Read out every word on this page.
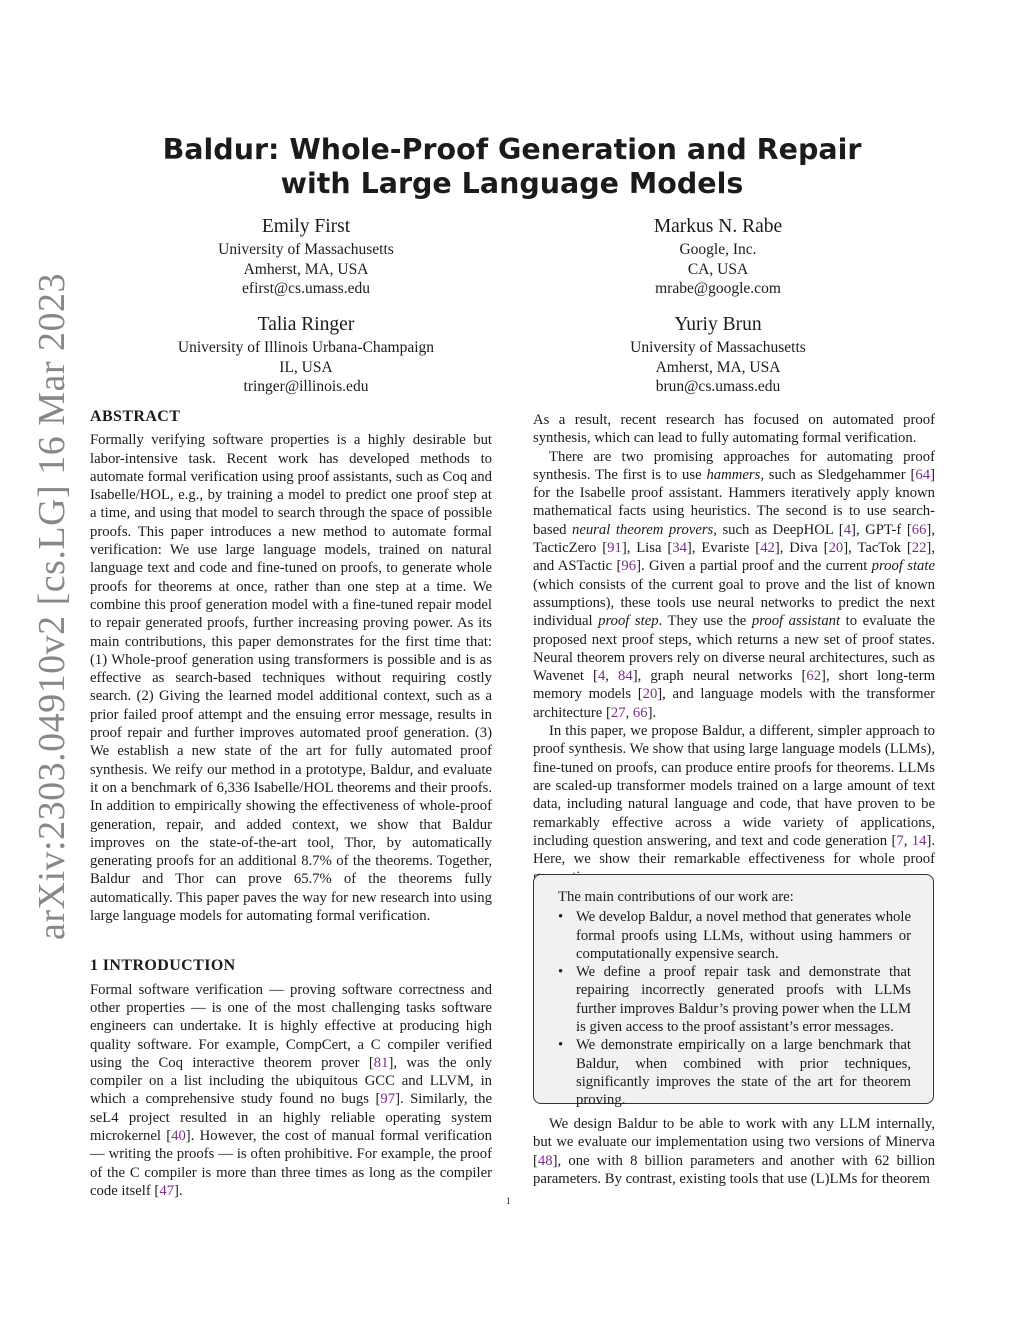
arXiv:2303.04910v2 [cs.LG] 16 Mar 2023
Baldur: Whole-Proof Generation and Repair
with Large Language Models
Emily First
University of Massachusetts
Amherst, MA, USA
efirst@cs.umass.edu
Markus N. Rabe
Google, Inc.
CA, USA
mrabe@google.com
Talia Ringer
University of Illinois Urbana-Champaign
IL, USA
tringer@illinois.edu
Yuriy Brun
University of Massachusetts
Amherst, MA, USA
brun@cs.umass.edu
ABSTRACT

Formally verifying software properties is a highly desirable but labor-intensive task. Recent work has developed methods to automate formal verification using proof assistants, such as Coq and Isabelle/HOL, e.g., by training a model to predict one proof step at a time, and using that model to search through the space of possible proofs. This paper introduces a new method to automate formal verification: We use large language models, trained on natural language text and code and fine-tuned on proofs, to generate whole proofs for theorems at once, rather than one step at a time. We combine this proof generation model with a fine-tuned repair model to repair generated proofs, further increasing proving power. As its main contributions, this paper demonstrates for the first time that: (1) Whole-proof generation using transformers is possible and is as effective as search-based techniques without requiring costly search. (2) Giving the learned model additional context, such as a prior failed proof attempt and the ensuing error message, results in proof repair and further improves automated proof generation. (3) We establish a new state of the art for fully automated proof synthesis. We reify our method in a prototype, Baldur, and evaluate it on a benchmark of 6,336 Isabelle/HOL theorems and their proofs. In addition to empirically showing the effectiveness of whole-proof generation, repair, and added context, we show that Baldur improves on the state-of-the-art tool, Thor, by automatically generating proofs for an additional 8.7% of the theorems. Together, Baldur and Thor can prove 65.7% of the theorems fully automatically. This paper paves the way for new research into using large language models for automating formal verification.

1 INTRODUCTION

Formal software verification — proving software correctness and other properties — is one of the most challenging tasks software engineers can undertake. It is highly effective at producing high quality software. For example, CompCert, a C compiler verified using the Coq interactive theorem prover [81], was the only compiler on a list including the ubiquitous GCC and LLVM, in which a comprehensive study found no bugs [97]. Similarly, the seL4 project resulted in an highly reliable operating system microkernel [40]. However, the cost of manual formal verification — writing the proofs — is often prohibitive. For example, the proof of the C compiler is more than three times as long as the compiler code itself [47].

As a result, recent research has focused on automated proof synthesis, which can lead to fully automating formal verification.

There are two promising approaches for automating proof synthesis. The first is to use hammers, such as Sledgehammer [64] for the Isabelle proof assistant. Hammers iteratively apply known mathematical facts using heuristics. The second is to use search-based neural theorem provers, such as DeepHOL [4], GPT-f [66], TacticZero [91], Lisa [34], Evariste [42], Diva [20], TacTok [22], and ASTactic [96]. Given a partial proof and the current proof state (which consists of the current goal to prove and the list of known assumptions), these tools use neural networks to predict the next individual proof step. They use the proof assistant to evaluate the proposed next proof steps, which returns a new set of proof states. Neural theorem provers rely on diverse neural architectures, such as Wavenet [4, 84], graph neural networks [62], short long-term memory models [20], and language models with the transformer architecture [27, 66].

In this paper, we propose Baldur, a different, simpler approach to proof synthesis. We show that using large language models (LLMs), fine-tuned on proofs, can produce entire proofs for theorems. LLMs are scaled-up transformer models trained on a large amount of text data, including natural language and code, that have proven to be remarkably effective across a wide variety of applications, including question answering, and text and code generation [7, 14]. Here, we show their remarkable effectiveness for whole proof

The main contributions of our work are:
• We develop Baldur, a novel method that generates whole formal proofs using LLMs, without using hammers or computationally expensive search.
• We define a proof repair task and demonstrate that repairing incorrectly generated proofs with LLMs further improves Baldur’s proving power when the LLM is given access to the proof assistant’s error messages.
• We demonstrate empirically on a large benchmark that Baldur, when combined with prior techniques, significantly improves the state of the art for theorem proving.

We design Baldur to be able to work with any LLM internally, but we evaluate our implementation using two versions of Minerva [48], one with 8 billion parameters and another with 62 billion parameters. By contrast, existing tools that use (L)LMs for theorem

1
